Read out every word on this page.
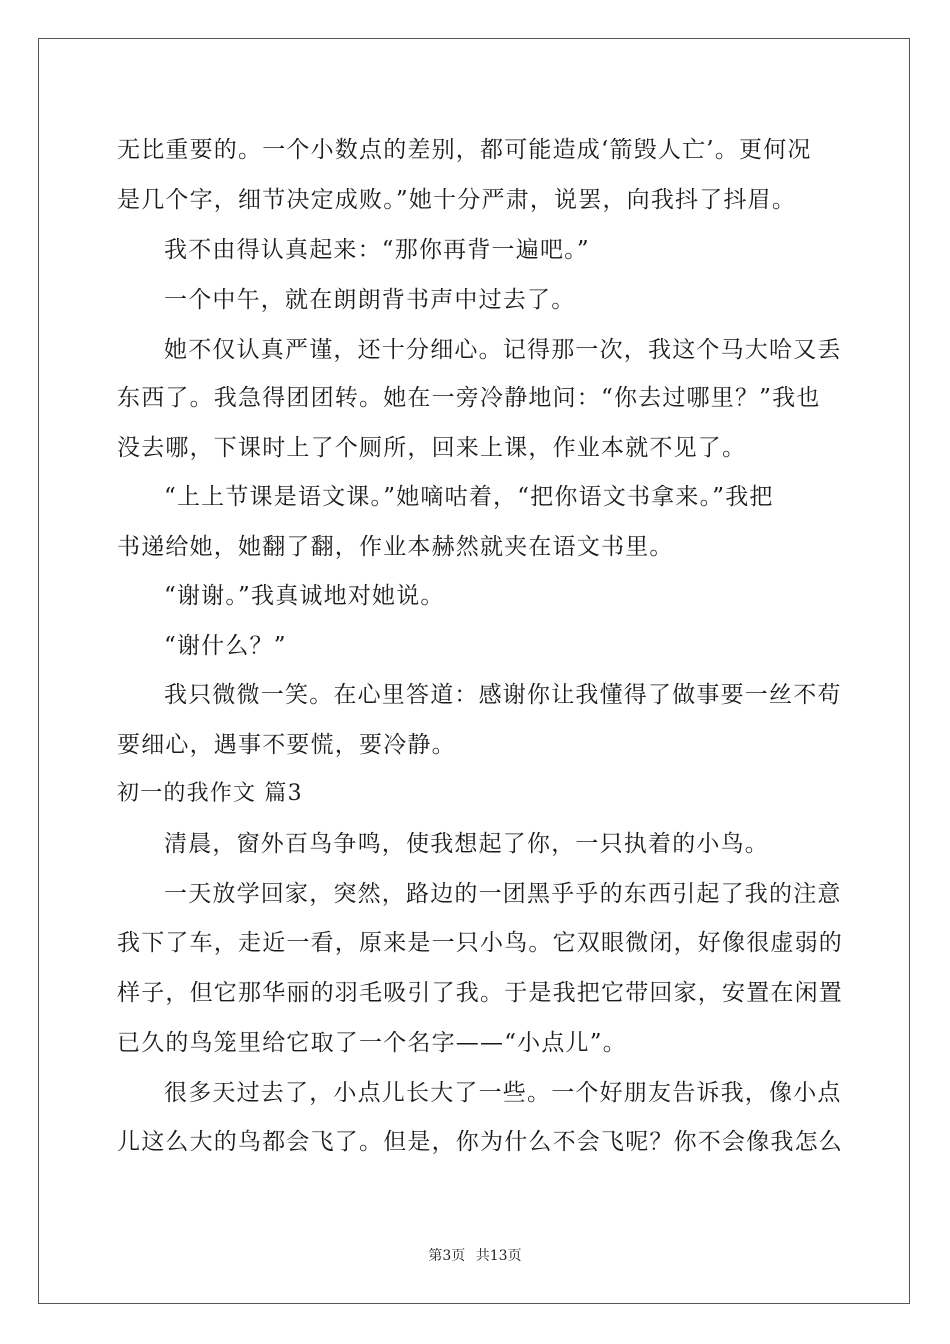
无比重要的。一个小数点的差别，都可能造成‘箭毁人亡’。更何况
是几个字，细节决定成败。”她十分严肃，说罢，向我抖了抖眉。
我不由得认真起来：“那你再背一遍吧。”
一个中午，就在朗朗背书声中过去了。
她不仅认真严谨，还十分细心。记得那一次，我这个马大哈又丢
东西了。我急得团团转。她在一旁冷静地问：“你去过哪里？”我也
没去哪，下课时上了个厕所，回来上课，作业本就不见了。
“上上节课是语文课。”她嘀咕着，“把你语文书拿来。”我把
书递给她，她翻了翻，作业本赫然就夹在语文书里。
“谢谢。”我真诚地对她说。
“谢什么？”
我只微微一笑。在心里答道：感谢你让我懂得了做事要一丝不苟
要细心，遇事不要慌，要冷静。
初一的我作文 篇3
清晨，窗外百鸟争鸣，使我想起了你，一只执着的小鸟。
一天放学回家，突然，路边的一团黑乎乎的东西引起了我的注意
我下了车，走近一看，原来是一只小鸟。它双眼微闭，好像很虚弱的
样子，但它那华丽的羽毛吸引了我。于是我把它带回家，安置在闲置
已久的鸟笼里给它取了一个名字——“小点儿”。
很多天过去了，小点儿长大了一些。一个好朋友告诉我，像小点
儿这么大的鸟都会飞了。但是，你为什么不会飞呢？你不会像我怎么
第3页 共13页
